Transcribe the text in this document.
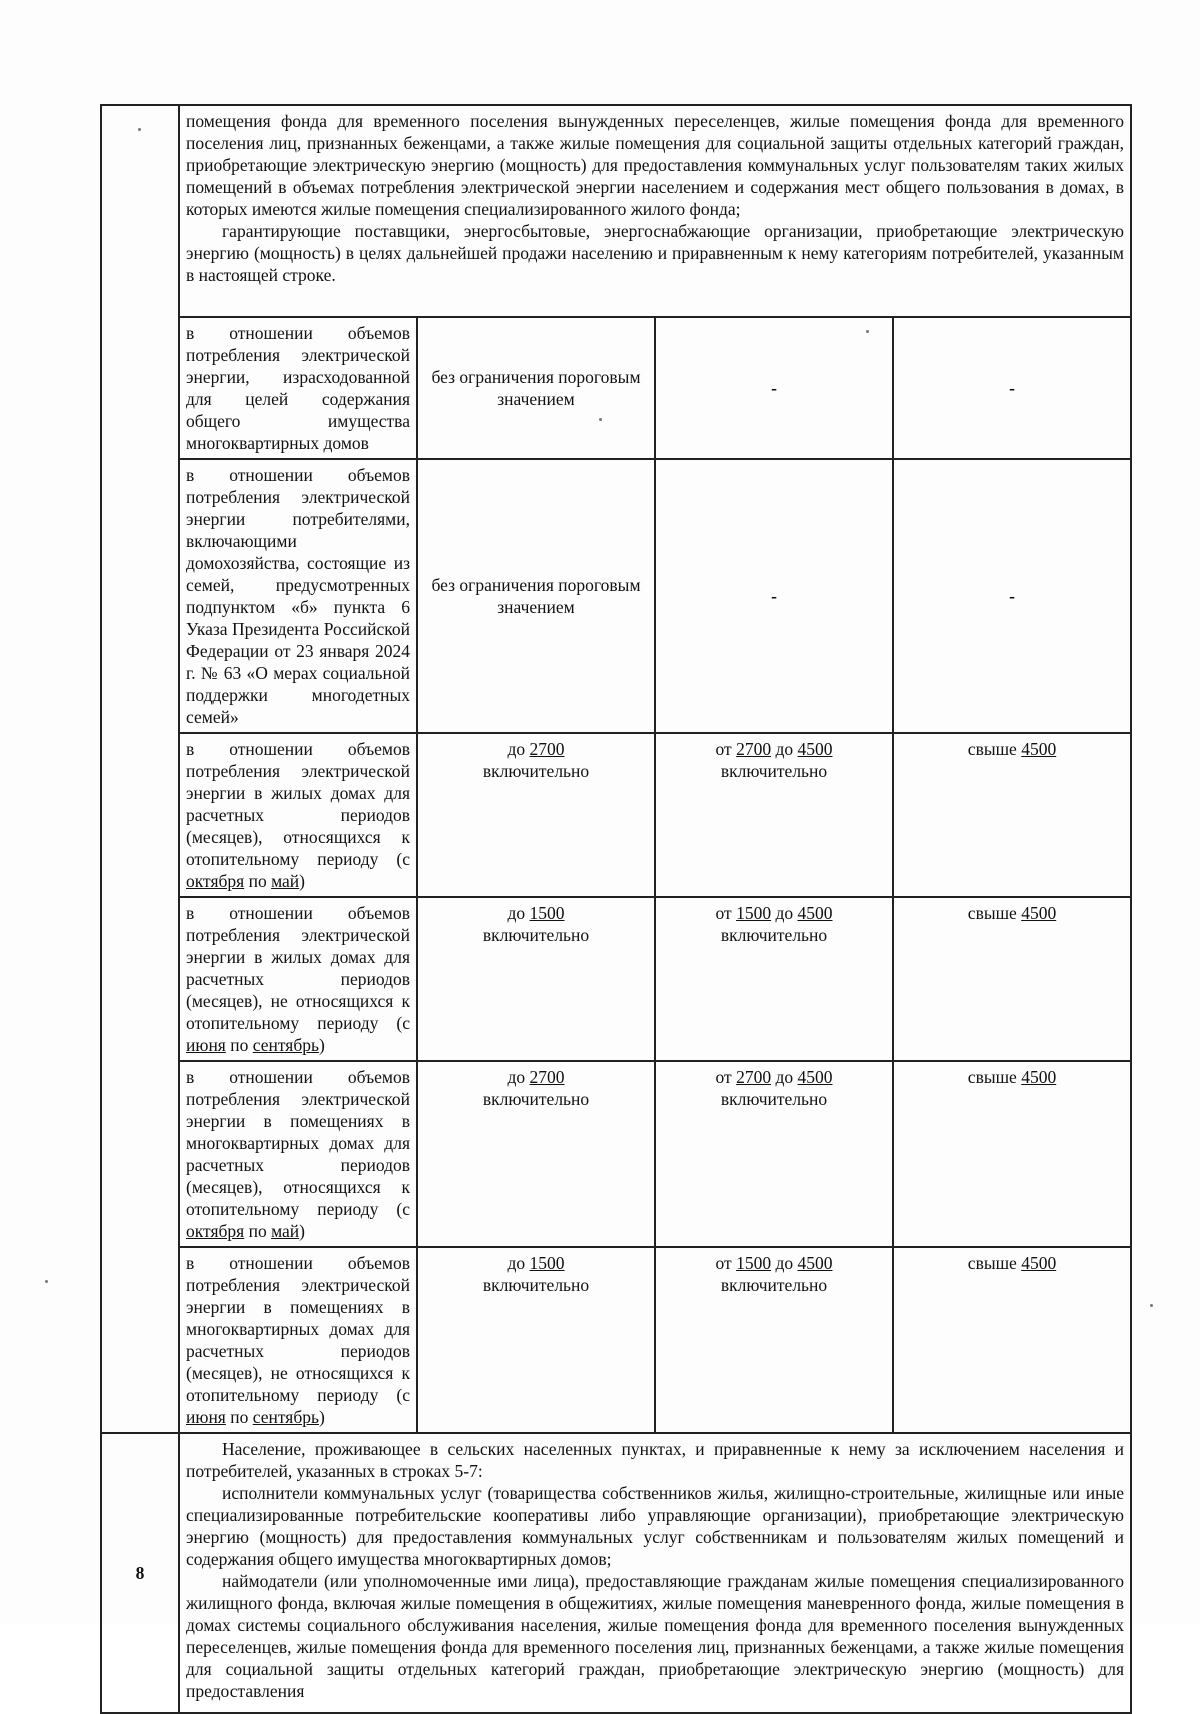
	помещения фонда для временного поселения вынужденных переселенцев, жилые помещения фонда для временного поселения лиц, признанных беженцами, а также жилые помещения для социальной защиты отдельных категорий граждан, приобретающие электрическую энергию (мощность) для предоставления коммунальных услуг пользователям таких жилых помещений в объемах потребления электрической энергии населением и содержания мест общего пользования в домах, в которых имеются жилые помещения специализированного жилого фонда;

гарантирующие поставщики, энергосбытовые, энергоснабжающие организации, приобретающие электрическую энергию (мощность) в целях дальнейшей продажи населению и приравненным к нему категориям потребителей, указанным в настоящей строке.			

	в отношении объемов потребления электрической энергии, израсходованной для целей содержания общего имущества многоквартирных домов	без ограничения пороговым значением	-	-
	в отношении объемов потребления электрической энергии потребителями, включающими домохозяйства, состоящие из семей, предусмотренных подпунктом «б» пункта 6 Указа Президента Российской Федерации от 23 января 2024 г. № 63 «О мерах социальной поддержки многодетных семей»	без ограничения пороговым значением	-	-
	в отношении объемов потребления электрической энергии в жилых домах для расчетных периодов (месяцев), относящихся к отопительному периоду (с октября по май)	до 2700
включительно	от 2700 до 4500
включительно	свыше 4500
	в отношении объемов потребления электрической энергии в жилых домах для расчетных периодов (месяцев), не относящихся к отопительному периоду (с июня по сентябрь)	до 1500
включительно	от 1500 до 4500
включительно	свыше 4500
	в отношении объемов потребления электрической энергии в помещениях в многоквартирных домах для расчетных периодов (месяцев), относящихся к отопительному периоду (с октября по май)	до 2700
включительно	от 2700 до 4500
включительно	свыше 4500
	в отношении объемов потребления электрической энергии в помещениях в многоквартирных домах для расчетных периодов (месяцев), не относящихся к отопительному периоду (с июня по сентябрь)	до 1500
включительно	от 1500 до 4500
включительно	свыше 4500
8	Население, проживающее в сельских населенных пунктах, и приравненные к нему за исключением населения и потребителей, указанных в строках 5-7:

исполнители коммунальных услуг (товарищества собственников жилья, жилищно-строительные, жилищные или иные специализированные потребительские кооперативы либо управляющие организации), приобретающие электрическую энергию (мощность) для предоставления коммунальных услуг собственникам и пользователям жилых помещений и содержания общего имущества многоквартирных домов;

наймодатели (или уполномоченные ими лица), предоставляющие гражданам жилые помещения специализированного жилищного фонда, включая жилые помещения в общежитиях, жилые помещения маневренного фонда, жилые помещения в домах системы социального обслуживания населения, жилые помещения фонда для временного поселения вынужденных переселенцев, жилые помещения фонда для временного поселения лиц, признанных беженцами, а также жилые помещения для социальной защиты отдельных категорий граждан, приобретающие электрическую энергию (мощность) для предоставления			
